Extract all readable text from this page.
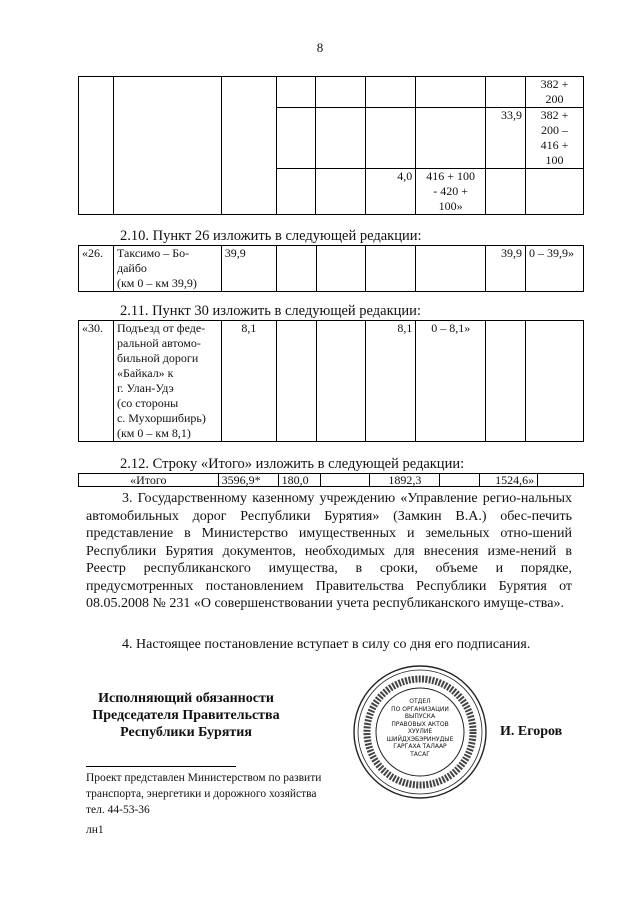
8
								382 +
200
							33,9	382 +
200 –
416 +
100
					4,0	416 + 100
- 420 +
100»		
2.10. Пункт 26 изложить в следующей редакции:
«26.	Таксимо – Бо-
дайбо
(км 0 – км 39,9)	39,9					39,9	0 – 39,9»
2.11. Пункт 30 изложить в следующей редакции:
«30.	Подъезд от феде-
ральной автомо-
бильной дороги
«Байкал» к
г. Улан-Удэ
(со стороны
с. Мухоршибирь)
(км 0 – км 8,1)	8,1			8,1	0 – 8,1»		
2.12. Строку «Итого» изложить в следующей редакции:
«Итого	3596,9*	180,0		1892,3		1524,6»	
3. Государственному казенному учреждению «Управление регио-нальных автомобильных дорог Республики Бурятия» (Замкин В.А.) обес-печить представление в Министерство имущественных и земельных отно-шений Республики Бурятия документов, необходимых для внесения изме-нений в Реестр республиканского имущества, в сроки, объеме и порядке, предусмотренных постановлением Правительства Республики Бурятия от 08.05.2008 № 231 «О совершенствовании учета республиканского имуще-ства».
4. Настоящее постановление вступает в силу со дня его подписания.
Исполняющий обязанности
Председателя Правительства
Республики Бурятия
ОТДЕЛ
ПО ОРГАНИЗАЦИИ
ВЫПУСКА
ПРАВОВЫХ АКТОВ
ХУУЛИЕ
ШИЙДХЭБЭРИНУДЫЕ
ГАРГАХА ТАЛААР
ТАСАГ
И. Егоров
Проект представлен Министерством по развити
транспорта, энергетики и дорожного хозяйства
тел. 44-53-36
лн1
